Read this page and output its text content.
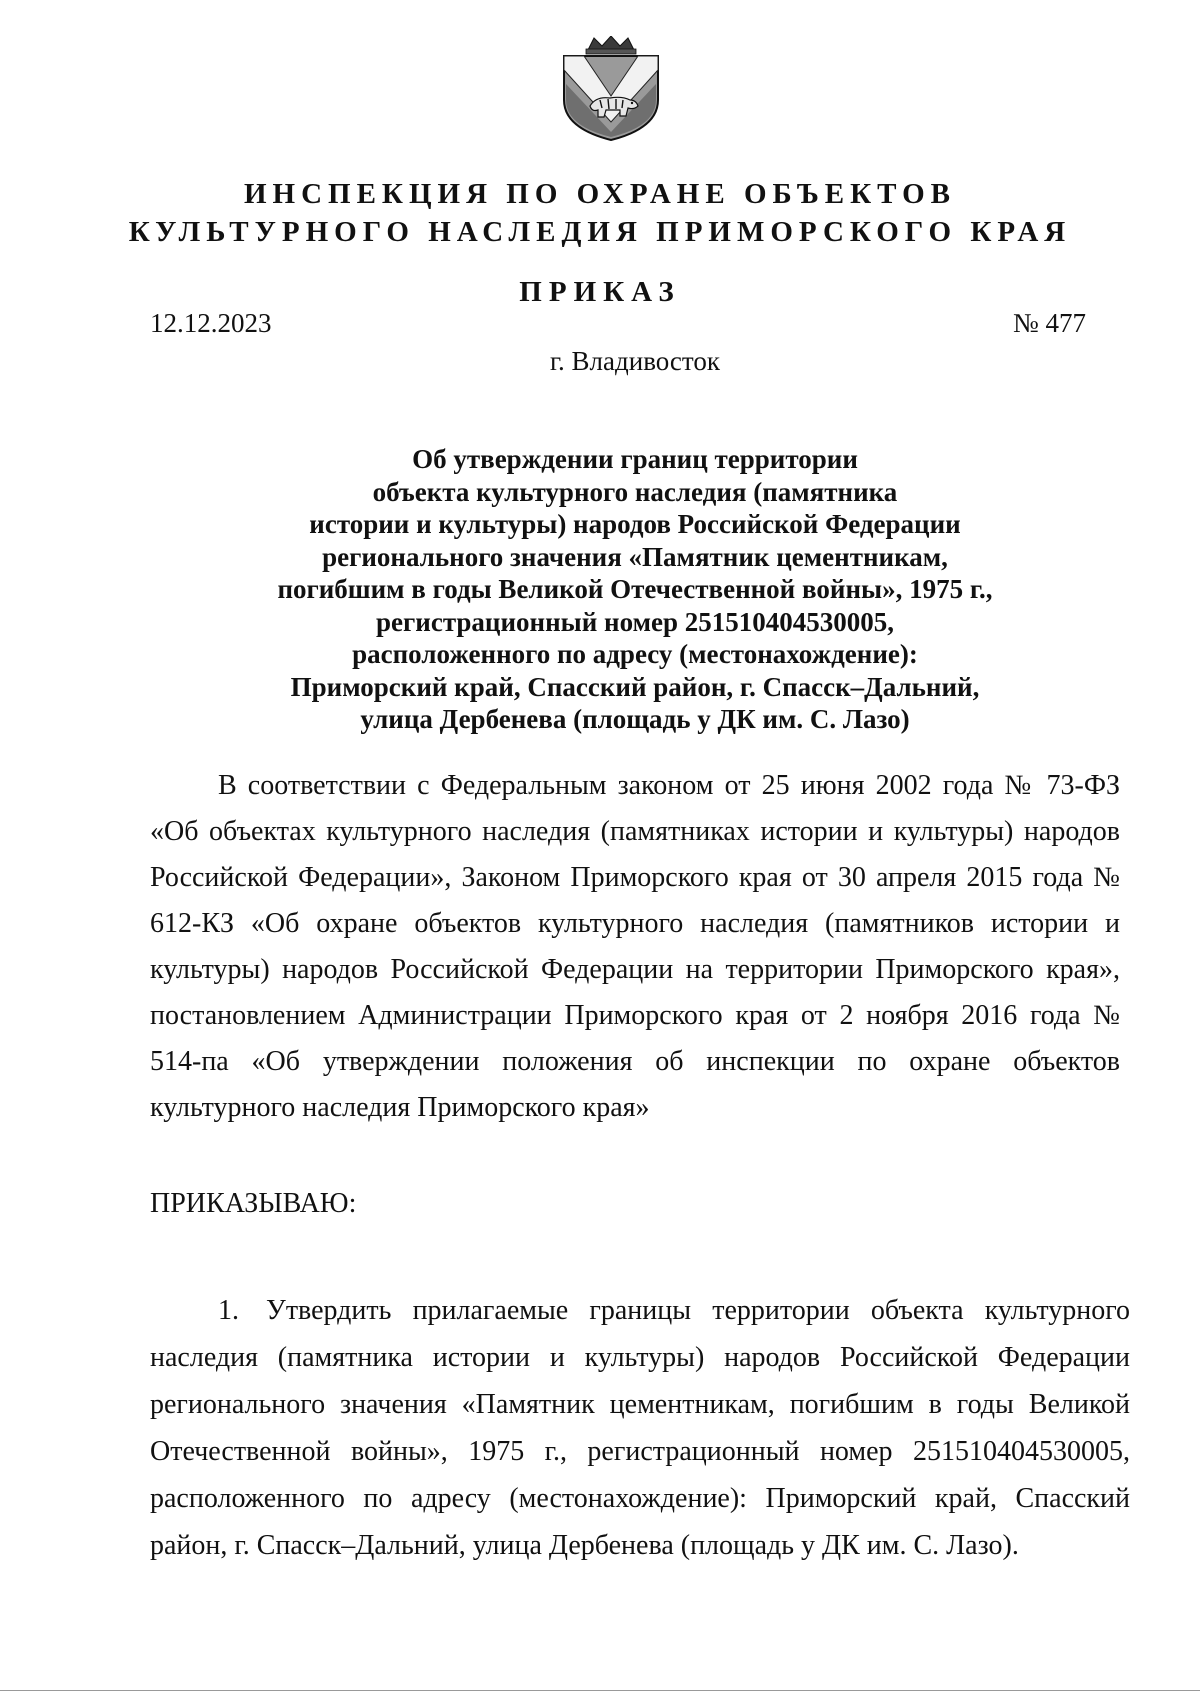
ИНСПЕКЦИЯ ПО ОХРАНЕ ОБЪЕКТОВ
КУЛЬТУРНОГО НАСЛЕДИЯ ПРИМОРСКОГО КРАЯ
ПРИКАЗ
12.12.2023	№ 477
г. Владивосток
Об утверждении границ территории
объекта культурного наследия (памятника
истории и культуры) народов Российской Федерации
регионального значения «Памятник цементникам,
погибшим в годы Великой Отечественной войны», 1975 г.,
регистрационный номер 251510404530005,
расположенного по адресу (местонахождение):
Приморский край, Спасский район, г. Спасск–Дальний,
улица Дербенева (площадь у ДК им. С. Лазо)

В соответствии с Федеральным законом от 25 июня 2002 года № 73-ФЗ «Об объектах культурного наследия (памятниках истории и культуры) народов Российской Федерации», Законом Приморского края от 30 апреля 2015 года № 612-КЗ «Об охране объектов культурного наследия (памятников истории и культуры) народов Российской Федерации на территории Приморского края», постановлением Администрации Приморского края от 2 ноября 2016 года № 514-па «Об утверждении положения об инспекции по охране объектов культурного наследия Приморского края»

ПРИКАЗЫВАЮ:

1. Утвердить прилагаемые границы территории объекта культурного наследия (памятника истории и культуры) народов Российской Федерации регионального значения «Памятник цементникам, погибшим в годы Великой Отечественной войны», 1975 г., регистрационный номер 251510404530005, расположенного по адресу (местонахождение): Приморский край, Спасский район, г. Спасск–Дальний, улица Дербенева (площадь у ДК им. С. Лазо).
